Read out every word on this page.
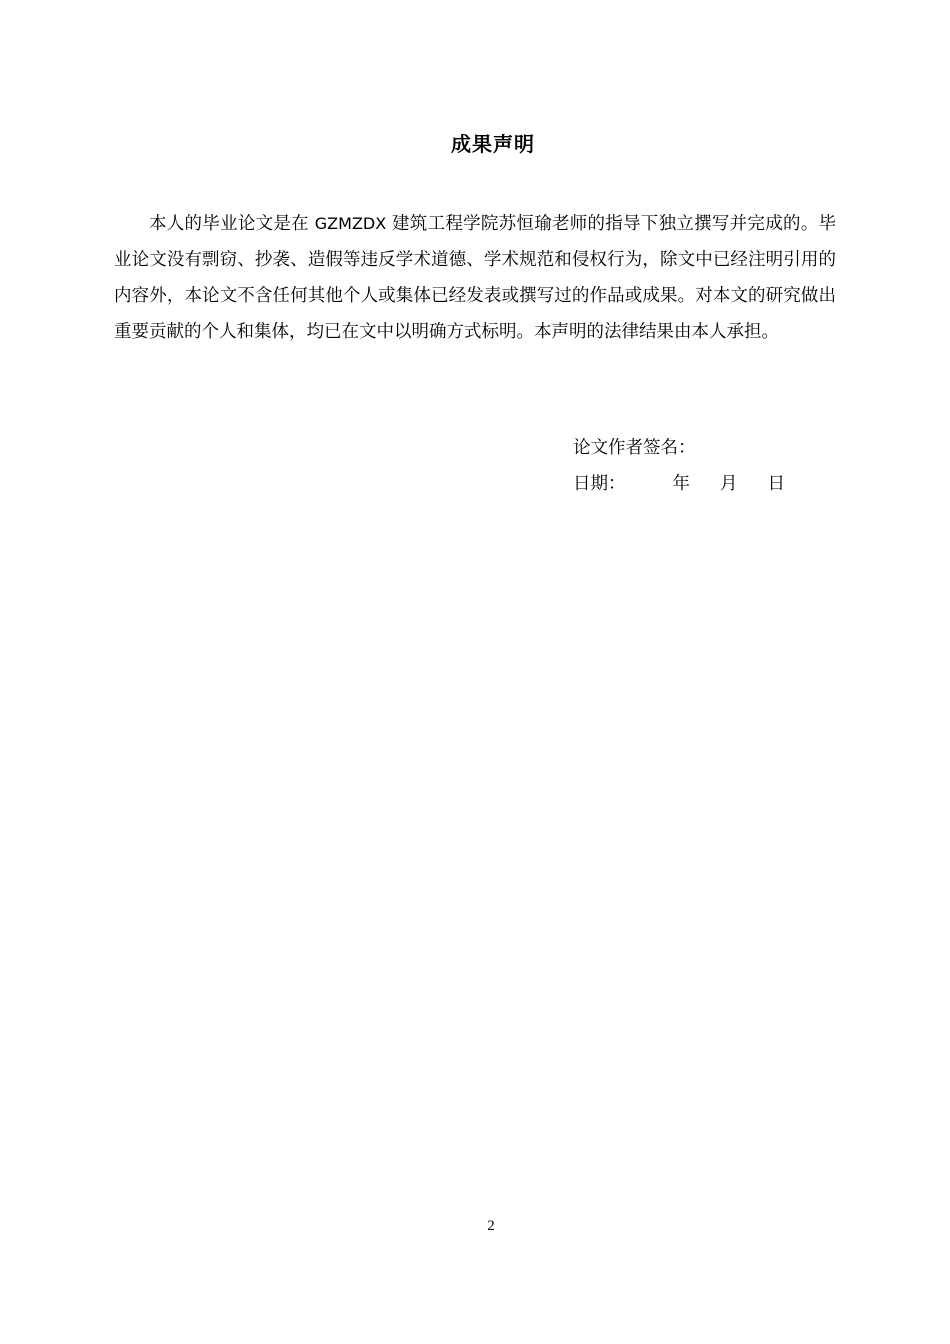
成果声明

本人的毕业论文是在 GZMZDX 建筑工程学院苏恒瑜老师的指导下独立撰写并完成的。毕业论文没有剽窃、抄袭、造假等违反学术道德、学术规范和侵权行为，除文中已经注明引用的内容外，本论文不含任何其他个人或集体已经发表或撰写过的作品或成果。对本文的研究做出重要贡献的个人和集体，均已在文中以明确方式标明。本声明的法律结果由本人承担。

论文作者签名：
日期：	年 月 日
2
